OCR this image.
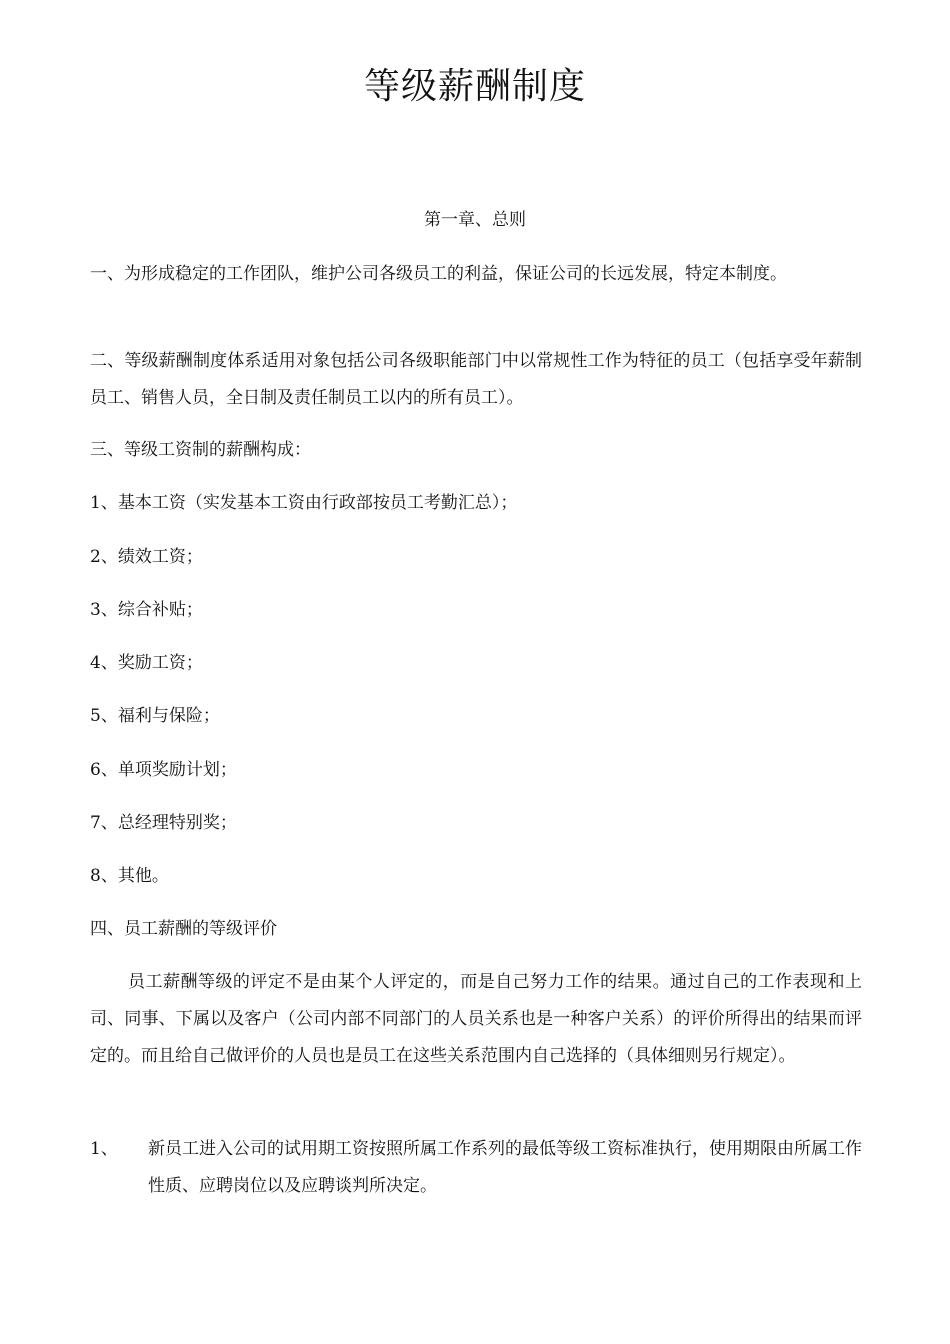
等级薪酬制度
第一章、总则

一、为形成稳定的工作团队，维护公司各级员工的利益，保证公司的长远发展，特定本制度。

二、等级薪酬制度体系适用对象包括公司各级职能部门中以常规性工作为特征的员工（包括享受年薪制员工、销售人员，全日制及责任制员工以内的所有员工）。

三、等级工资制的薪酬构成：

1、基本工资（实发基本工资由行政部按员工考勤汇总）；

2、绩效工资；

3、综合补贴；

4、奖励工资；

5、福利与保险；

6、单项奖励计划；

7、总经理特别奖；

8、其他。

四、员工薪酬的等级评价

员工薪酬等级的评定不是由某个人评定的，而是自己努力工作的结果。通过自己的工作表现和上司、同事、下属以及客户（公司内部不同部门的人员关系也是一种客户关系）的评价所得出的结果而评定的。而且给自己做评价的人员也是员工在这些关系范围内自己选择的（具体细则另行规定）。

1、 新员工进入公司的试用期工资按照所属工作系列的最低等级工资标准执行，使用期限由所属工作性质、应聘岗位以及应聘谈判所决定。
